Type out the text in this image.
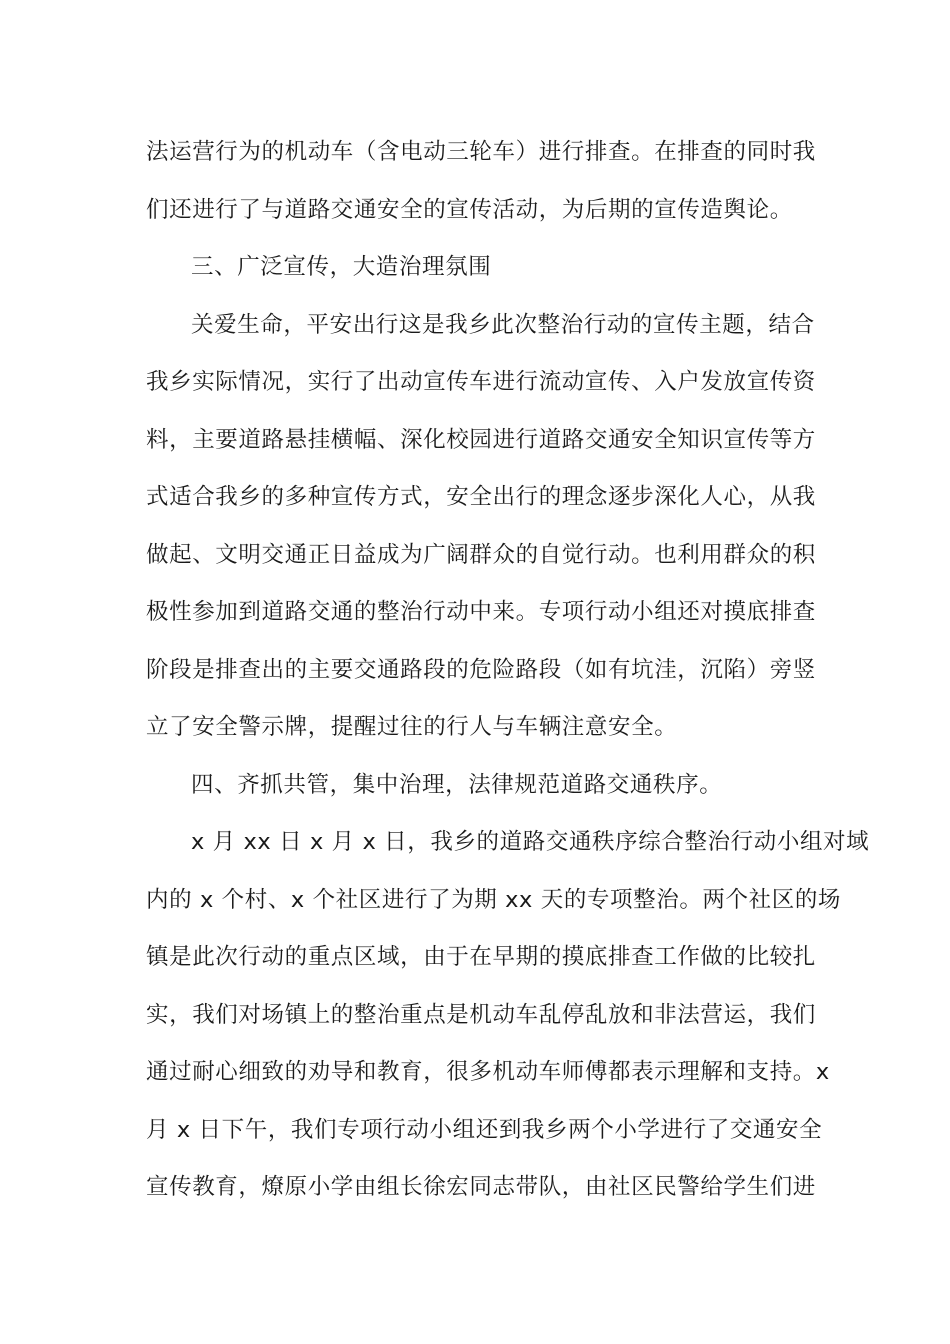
法运营行为的机动车（含电动三轮车）进行排查。在排查的同时我
们还进行了与道路交通安全的宣传活动，为后期的宣传造舆论。
三、广泛宣传，大造治理氛围
关爱生命，平安出行这是我乡此次整治行动的宣传主题，结合
我乡实际情况，实行了出动宣传车进行流动宣传、入户发放宣传资
料，主要道路悬挂横幅、深化校园进行道路交通安全知识宣传等方
式适合我乡的多种宣传方式，安全出行的理念逐步深化人心，从我
做起、文明交通正日益成为广阔群众的自觉行动。也利用群众的积
极性参加到道路交通的整治行动中来。专项行动小组还对摸底排查
阶段是排查出的主要交通路段的危险路段（如有坑洼，沉陷）旁竖
立了安全警示牌，提醒过往的行人与车辆注意安全。
四、齐抓共管，集中治理，法律规范道路交通秩序。
x 月 xx 日 x 月 x 日，我乡的道路交通秩序综合整治行动小组对域
内的 x 个村、x 个社区进行了为期 xx 天的专项整治。两个社区的场
镇是此次行动的重点区域，由于在早期的摸底排查工作做的比较扎
实，我们对场镇上的整治重点是机动车乱停乱放和非法营运，我们
通过耐心细致的劝导和教育，很多机动车师傅都表示理解和支持。x
月 x 日下午，我们专项行动小组还到我乡两个小学进行了交通安全
宣传教育，燎原小学由组长徐宏同志带队，由社区民警给学生们进
